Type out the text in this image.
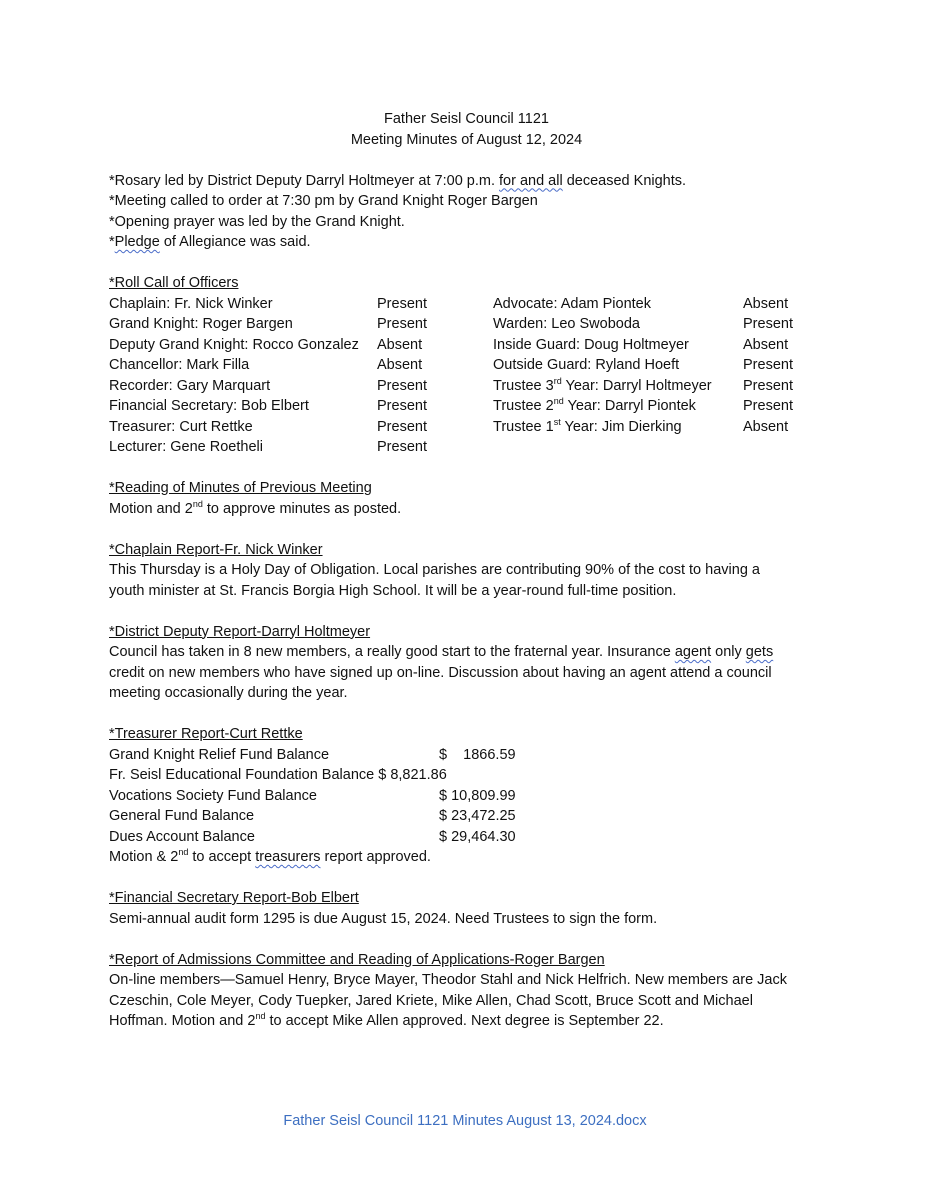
Father Seisl Council 1121
Meeting Minutes of August 12, 2024

*Rosary led by District Deputy Darryl Holtmeyer at 7:00 p.m. for and all deceased Knights.

*Meeting called to order at 7:30 pm by Grand Knight Roger Bargen

*Opening prayer was led by the Grand Knight.

*Pledge of Allegiance was said.

*Roll Call of Officers

Chaplain: Fr. Nick Winker	Present	Advocate: Adam Piontek	Absent
Grand Knight: Roger Bargen	Present	Warden: Leo Swoboda	Present
Deputy Grand Knight: Rocco Gonzalez Absent	Inside Guard: Doug Holtmeyer	Absent
Chancellor: Mark Filla	Absent	Outside Guard: Ryland Hoeft	Present
Recorder: Gary Marquart	Present	Trustee 3rd Year: Darryl Holtmeyer Present
Financial Secretary: Bob Elbert	Present	Trustee 2nd Year: Darryl Piontek	Present
Treasurer: Curt Rettke	Present	Trustee 1st Year: Jim Dierking	Absent
Lecturer: Gene Roetheli	Present

*Reading of Minutes of Previous Meeting

Motion and 2nd to approve minutes as posted.

*Chaplain Report-Fr. Nick Winker

This Thursday is a Holy Day of Obligation. Local parishes are contributing 90% of the cost to having a

youth minister at St. Francis Borgia High School. It will be a year-round full-time position.

*District Deputy Report-Darryl Holtmeyer

Council has taken in 8 new members, a really good start to the fraternal year. Insurance agent only gets

credit on new members who have signed up on-line. Discussion about having an agent attend a council

meeting occasionally during the year.

*Treasurer Report-Curt Rettke

Grand Knight Relief Fund Balance	$    1866.59
Fr. Seisl Educational Foundation Balance $ 8,821.86
Vocations Society Fund Balance	$ 10,809.99
General Fund Balance	$ 23,472.25
Dues Account Balance	$ 29,464.30

Motion & 2nd to accept treasurers report approved.

*Financial Secretary Report-Bob Elbert

Semi-annual audit form 1295 is due August 15, 2024. Need Trustees to sign the form.

*Report of Admissions Committee and Reading of Applications-Roger Bargen

On-line members—Samuel Henry, Bryce Mayer, Theodor Stahl and Nick Helfrich. New members are Jack

Czeschin, Cole Meyer, Cody Tuepker, Jared Kriete, Mike Allen, Chad Scott, Bruce Scott and Michael

Hoffman. Motion and 2nd to accept Mike Allen approved. Next degree is September 22.

Father Seisl Council 1121 Minutes August 13, 2024.docx
